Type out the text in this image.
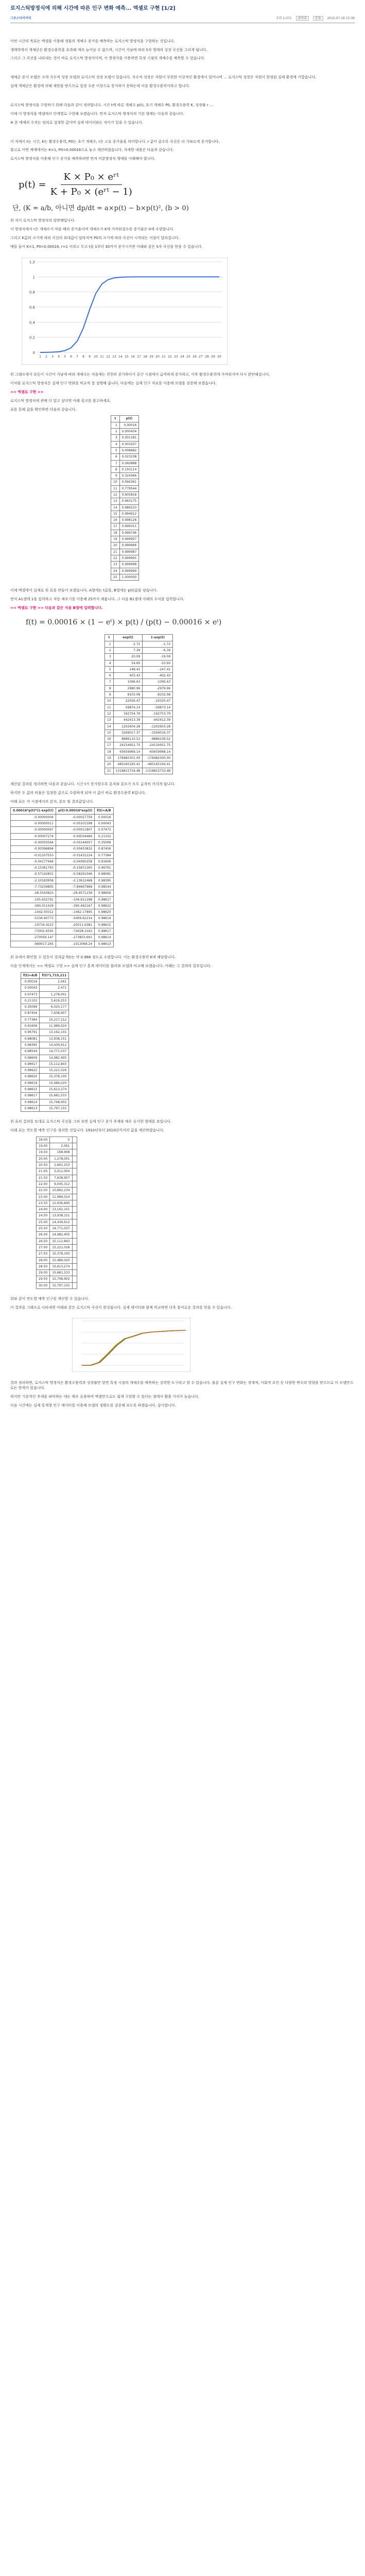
로지스틱방정식에 의해 시간에 따른 인구 변화 예측... 엑셀로 구현 [1/2]
그로스다이어리	조회 1,071 좋아요	공유 2015.07.18 15:39

이번 시간의 목표는 엑셀을 이용해 생물의 개체수 증가를 예측하는 로지스틱 방정식을 구현하는 것입니다.

생태학에서 개체군은 환경수용력을 초과해 계속 늘어날 수 없으며, 시간이 지남에 따라 S자 형태의 성장 곡선을 그리게 됩니다.

그리고 그 곡선을 나타내는 것이 바로 로지스틱 방정식이며, 이 방정식을 이용하면 특정 시점의 개체수를 예측할 수 있습니다.

개체군 증가 모델은 크게 지수적 성장 모델과 로지스틱 성장 모델이 있습니다. 지수적 성장은 자원이 무한한 이상적인 환경에서 일어나며 ... 로지스틱 성장은 자원이 한정된 실제 환경에 가깝습니다.

실제 개체군은 환경에 의해 제한을 받으므로 일정 수준 이상으로 증가하지 못하는데 이를 환경수용력이라고 합니다.

로지스틱 방정식을 구현하기 위해 다음과 같이 정의합니다. 시간 t에 따른 개체수 p(t), 초기 개체수 P0, 환경수용력 K, 성장률 r ...

이제 이 방정식을 엑셀에서 단계별로 구현해 보겠습니다. 먼저 로지스틱 방정식의 기본 형태는 다음과 같습니다.

※ 본 예제의 수치는 임의로 설정한 값이며 실제 데이터와는 차이가 있을 수 있습니다.

이 식에서 t는 시간, K는 환경수용력, P0는 초기 개체수, r은 고유 증가율을 의미합니다. r 값이 클수록 곡선은 더 가파르게 증가합니다.

참고로 이번 예제에서는 K=1, P0=0.00016으로 놓고 계산하였습니다. 자세한 내용은 다음과 같습니다.

로지스틱 방정식을 이용해 인구 증가를 예측하려면 먼저 미분방정식 형태를 이해해야 합니다.

p(t) =
K × P₀ × eʳᵗ
K + P₀ × (eʳᵗ − 1)
단, (K = a/b, 아니면 dp/dt = a×p(t) − b×p(t)², (b > 0)

위 식이 로지스틱 방정식의 일반해입니다.

이 방정식에서 r은 개체수가 작을 때의 증가율이며 개체수가 K에 가까워질수록 증가율은 0에 수렴합니다.

그리고 K값의 크기에 따라 곡선의 최대값이 달라지며 P0의 크기에 따라 곡선이 시작되는 지점이 달라집니다.

예를 들어 K=1, P0=0.00016, r=1 이라고 두고 t를 1부터 30까지 증가시키면 아래와 같은 S자 곡선을 얻을 수 있습니다.

0
0.2
0.4
0.6
0.8
1
1.2
1 2 3 4 5 6 7 8 9 10 11 12 13 14 15 16 17 18 19 20 21 22 23 24 25 26 27 28 29 30

위 그래프에서 보듯이 시간이 지남에 따라 개체수는 처음에는 천천히 증가하다가 중간 시점에서 급격하게 증가하고, 이후 환경수용력에 가까워지며 다시 완만해집니다.

이처럼 로지스틱 방정식은 실제 인구 변화를 비교적 잘 설명해 줍니다. 다음에는 실제 인구 자료를 이용해 모델을 검증해 보겠습니다.

<< 엑셀로 구현 >>

로지스틱 방정식에 관해 더 알고 싶다면 아래 링크를 참고하세요.

표를 통해 값을 확인하면 다음과 같습니다.

t	p(t)
1	0.00016
2	0.000434
3	0.001181
4	0.003207
5	0.008682
6	0.023238
7	0.060888
8	0.150114
9	0.324366
10	0.566361
11	0.779544
12	0.905818
13	0.963175
14	0.986233
15	0.994912
16	0.998126
17	0.999311
18	0.999746
19	0.999907
20	0.999966
21	0.999987
22	0.999995
23	0.999998
24	0.999999
25	1.000000

이제 엑셀에서 실제로 위 표를 만들어 보겠습니다. A열에는 t값을, B열에는 p(t)값을 넣습니다.

먼저 A1셀에 1을 입력하고 자동 채우기를 이용해 25까지 채웁니다. 그 다음 B1셀에 아래의 수식을 입력합니다.

<< 엑셀로 구현 >> 다음과 같은 식을 B열에 입력합니다.

f(t) = 0.00016 × (1 − eᵗ) × p(t) / (p(t) − 0.00016 × eᵗ)
t	exp(t)	1-exp(t)
1	2.72	-1.72
2	7.39	-6.39
3	20.09	-19.09
4	54.60	-53.60
5	148.41	-147.41
6	403.43	-402.43
7	1096.63	-1095.63
8	2980.96	-2979.96
9	8103.08	-8102.08
10	22026.47	-22025.47
11	59874.14	-59873.14
12	162754.79	-162753.79
13	442413.39	-442412.39
14	1202604.28	-1202603.28
15	3269017.37	-3269016.37
16	8886110.52	-8886109.52
17	24154952.75	-24154951.75
18	65659969.14	-65659968.14
19	178482301.00	-178482300.00
20	485165195.41	-485165194.41
21	1318815734.48	-1318815733.48

계산된 결과를 정리하면 다음과 같습니다. 시간 t가 증가할수록 분자와 분모가 모두 급격히 커지게 됩니다.

하지만 두 값의 비율은 일정한 값으로 수렴하게 되며 이 값이 바로 환경수용력 K입니다.

아래 표는 각 시점에서의 분자, 분모 및 결과값입니다.

0.00016*p(t)*(1-exp(t))	p(t)-0.00016*exp(t)	f(t)=A/B
-0.00000004	-0.00027759	0.00016
-0.00000011	-0.00101598	0.00043
-0.00000097	-0.00011807	0.07473
-0.00007274	-0.00034466	0.21102
-0.00050564	-0.00144057	0.35099
-0.00396894	-0.00453832	0.87456
-0.01107553	-0.01431224	0.77384
-0.04177464	-0.04560258	0.91606
-0.15361763	-0.15871265	0.96791
-0.57142831	-0.58261046	0.98081
-2.10183958	-2.13612468	0.98395
-7.73239805	-7.84667968	0.98544
-28.5543823	-28.9571239	0.98609
-105.432791	-106.911298	0.98617
-390.011429	-395.462167	0.98622
-1442.00312	-1462.17895	0.98620
-5334.90773	-5409.62214	0.98619
-19734.4215	-20011.6381	0.98615
-73002.6591	-74028.1042	0.98617
-270056.147	-273853.691	0.98614
-999017.265	-1013068.24	0.98613

위 표에서 확인할 수 있듯이 결과값 f(t)는 약 0.986 정도로 수렴합니다. 이는 환경수용력 K에 해당합니다.

다음 단계에서는 << 엑셀로 구현 >> 실제 인구 통계 데이터를 불러와 모델과 비교해 보겠습니다. 아래는 그 결과의 일부입니다.

f(t)=A/B	f(t)*1,715,211
0.00016	2,561
0.00043	2,471
0.07473	1,278,001
0.21102	3,619,253
0.35099	6,020,177
0.87456	7,638,907
0.77384	10,217,212
0.91606	11,989,024
0.96791	13,162,101
0.98081	13,938,151
0.98395	14,436,612
0.98544	14,771,037
0.98609	14,982,405
0.98617	15,112,843
0.98622	15,221,026
0.98620	15,378,100
0.98619	15,489,020
0.98615	15,613,274
0.98617	15,681,533
0.98614	15,748,902
0.98613	15,797,155

위 표의 결과를 토대로 로지스틱 곡선을 그려 보면 실제 인구 증가 추세와 매우 유사한 형태를 보입니다.

아래 표는 연도별 예측 인구를 정리한 것입니다. 1910년부터 2010년까지의 값을 계산하였습니다.

18.00	0	
19.00	2,561	
19.50	168,908	
20.00	1,278,001	
20.50	2,661,253	
21.00	5,012,004	
21.50	7,638,907	
22.00	9,045,312	
22.50	10,892,234	
23.00	11,989,024	
23.50	12,936,840	
24.00	13,162,101	
24.50	13,938,151	
25.00	14,436,612	
25.50	14,771,037	
26.00	14,982,405	
26.50	15,112,843	
27.00	15,221,026	
27.50	15,378,100	
28.00	15,489,020	
28.50	15,613,274	
29.00	15,681,533	
29.50	15,748,902	
30.00	15,797,155	

위와 같이 연도별 예측 인구를 계산할 수 있습니다.

이 결과를 그래프로 나타내면 아래와 같은 로지스틱 곡선이 완성됩니다. 실제 데이터와 함께 비교하면 더욱 흥미로운 결과를 얻을 수 있습니다.

결과 정리하면, 로지스틱 방정식은 환경수용력과 성장률만 알면 특정 시점의 개체수를 예측하는 강력한 도구라고 할 수 있습니다. 물론 실제 인구 변화는 경제적, 사회적 요인 등 다양한 변수의 영향을 받으므로 이 모델만으로는 한계가 있습니다.

하지만 기본적인 추세를 파악하는 데는 매우 유용하며 엑셀만으로도 쉽게 구현할 수 있다는 점에서 활용 가치가 높습니다.

다음 시간에는 실제 통계청 인구 데이터를 이용해 모델의 정확도를 검증해 보도록 하겠습니다. 감사합니다.
